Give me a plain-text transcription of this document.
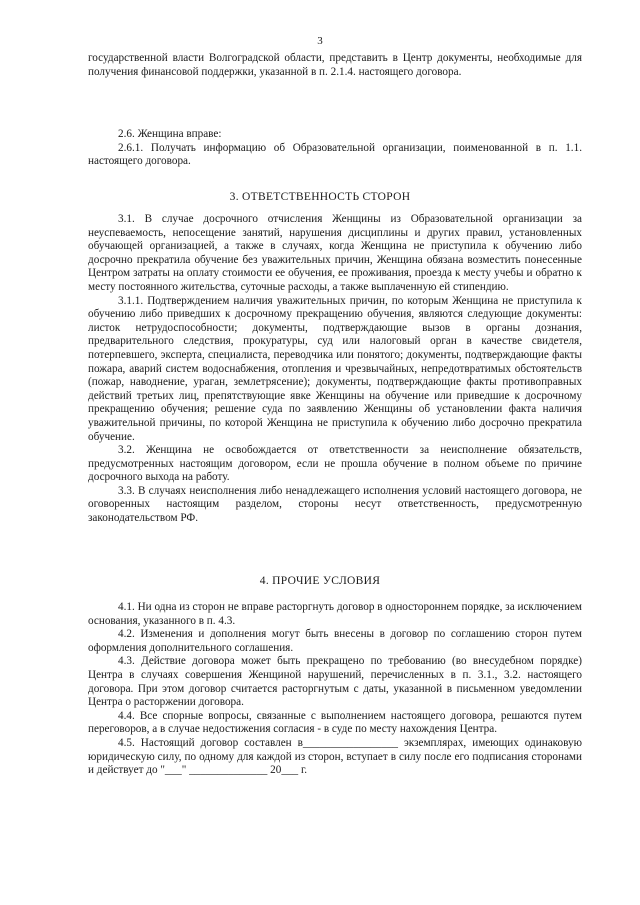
3
государственной власти Волгоградской области, представить в Центр документы, необходимые для получения финансовой поддержки, указанной в п. 2.1.4. настоящего договора.
2.6. Женщина вправе:
2.6.1. Получать информацию об Образовательной организации, поименованной в п. 1.1. настоящего договора.
3. ОТВЕТСТВЕННОСТЬ СТОРОН
3.1. В случае досрочного отчисления Женщины из Образовательной организации за неуспеваемость, непосещение занятий, нарушения дисциплины и других правил, установленных обучающей организацией, а также в случаях, когда Женщина не приступила к обучению либо досрочно прекратила обучение без уважительных причин, Женщина обязана возместить понесенные Центром затраты на оплату стоимости ее обучения, ее проживания, проезда к месту учебы и обратно к месту постоянного жительства, суточные расходы, а также выплаченную ей стипендию.
3.1.1. Подтверждением наличия уважительных причин, по которым Женщина не приступила к обучению либо приведших к досрочному прекращению обучения, являются следующие документы: листок нетрудоспособности; документы, подтверждающие вызов в органы дознания, предварительного следствия, прокуратуры, суд или налоговый орган в качестве свидетеля, потерпевшего, эксперта, специалиста, переводчика или понятого; документы, подтверждающие факты пожара, аварий систем водоснабжения, отопления и чрезвычайных, непредотвратимых обстоятельств (пожар, наводнение, ураган, землетрясение); документы, подтверждающие факты противоправных действий третьих лиц, препятствующие явке Женщины на обучение или приведшие к досрочному прекращению обучения; решение суда по заявлению Женщины об установлении факта наличия уважительной причины, по которой Женщина не приступила к обучению либо досрочно прекратила обучение.
3.2. Женщина не освобождается от ответственности за неисполнение обязательств, предусмотренных настоящим договором, если не прошла обучение в полном объеме по причине досрочного выхода на работу.
3.3. В случаях неисполнения либо ненадлежащего исполнения условий настоящего договора, не оговоренных настоящим разделом, стороны несут ответственность, предусмотренную законодательством РФ.
4. ПРОЧИЕ УСЛОВИЯ
4.1. Ни одна из сторон не вправе расторгнуть договор в одностороннем порядке, за исключением основания, указанного в п. 4.3.
4.2. Изменения и дополнения могут быть внесены в договор по соглашению сторон путем оформления дополнительного соглашения.
4.3. Действие договора может быть прекращено по требованию (во внесудебном порядке) Центра в случаях совершения Женщиной нарушений, перечисленных в п. 3.1., 3.2. настоящего договора. При этом договор считается расторгнутым с даты, указанной в письменном уведомлении Центра о расторжении договора.
4.4. Все спорные вопросы, связанные с выполнением настоящего договора, решаются путем переговоров, а в случае недостижения согласия - в суде по месту нахождения Центра.
4.5. Настоящий договор составлен в_________________ экземплярах, имеющих одинаковую юридическую силу, по одному для каждой из сторон, вступает в силу после его подписания сторонами и действует до "___" ______________ 20___ г.
